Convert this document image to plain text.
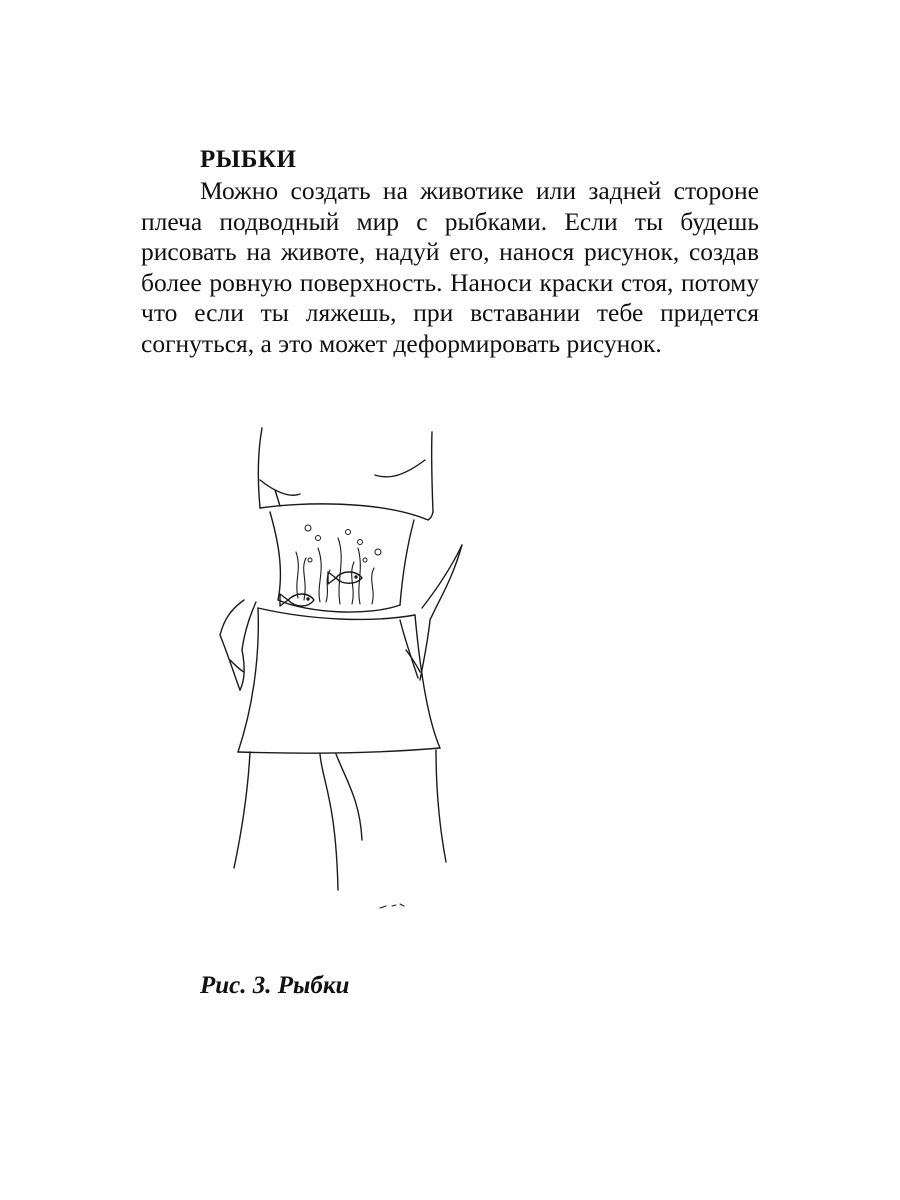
РЫБКИ

Можно создать на животике или задней стороне плеча подводный мир с рыбками. Если ты будешь рисовать на животе, надуй его, нанося рисунок, создав более ровную поверхность. Наноси краски стоя, потому что если ты ляжешь, при вставании тебе придется согнуться, а это может деформировать рисунок.

Рис. 3. Рыбки
